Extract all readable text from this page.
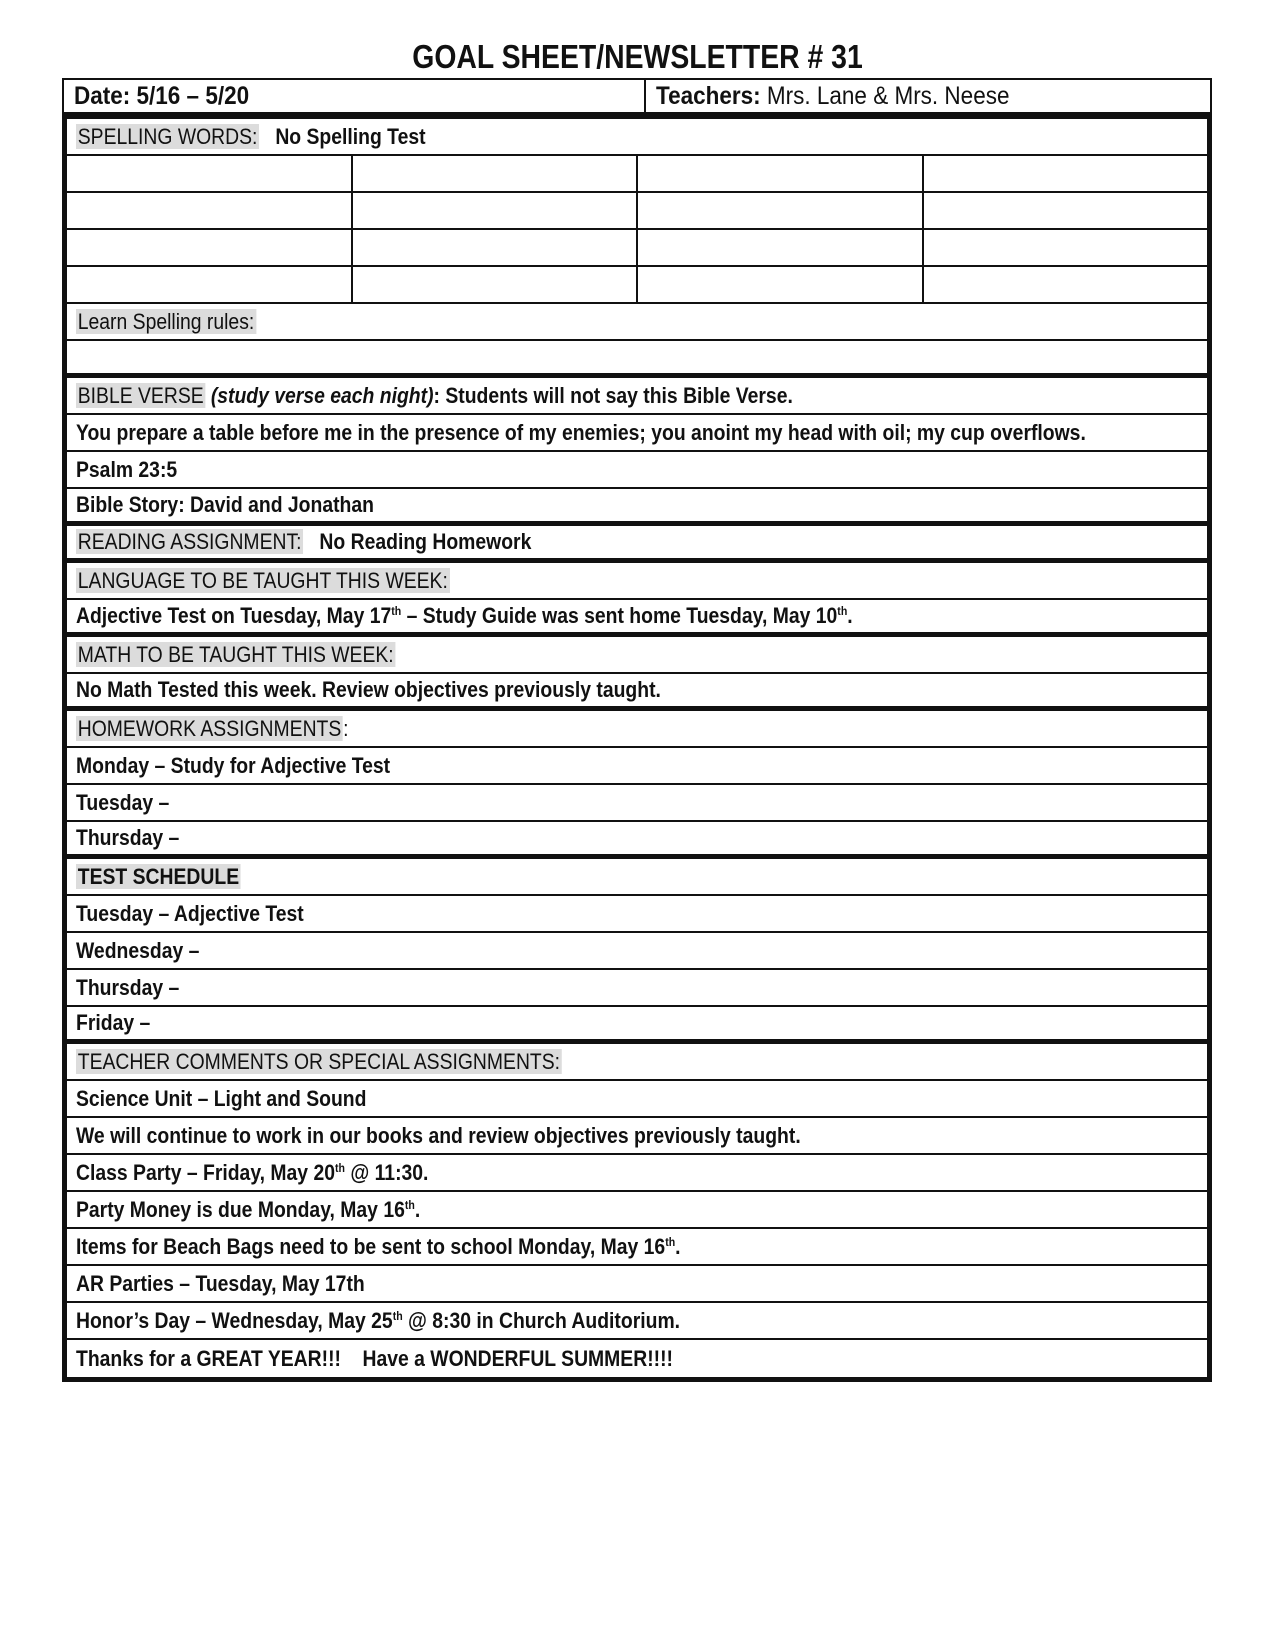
GOAL SHEET/NEWSLETTER # 31
Date: 5/16 – 5/20	Teachers: Mrs. Lane & Mrs. Neese
SPELLING WORDS: No Spelling Test
Learn Spelling rules:
BIBLE VERSE (study verse each night): Students will not say this Bible Verse.
You prepare a table before me in the presence of my enemies; you anoint my head with oil; my cup overflows.
Psalm 23:5
Bible Story: David and Jonathan
READING ASSIGNMENT: No Reading Homework
LANGUAGE TO BE TAUGHT THIS WEEK:
Adjective Test on Tuesday, May 17th – Study Guide was sent home Tuesday, May 10th.
MATH TO BE TAUGHT THIS WEEK:
No Math Tested this week. Review objectives previously taught.
HOMEWORK ASSIGNMENTS:
Monday – Study for Adjective Test
Tuesday –
Thursday –
TEST SCHEDULE
Tuesday – Adjective Test
Wednesday –
Thursday –
Friday –
TEACHER COMMENTS OR SPECIAL ASSIGNMENTS:
Science Unit – Light and Sound
We will continue to work in our books and review objectives previously taught.
Class Party – Friday, May 20th @ 11:30.
Party Money is due Monday, May 16th.
Items for Beach Bags need to be sent to school Monday, May 16th.
AR Parties – Tuesday, May 17th
Honor’s Day – Wednesday, May 25th @ 8:30 in Church Auditorium.
Thanks for a GREAT YEAR!!! Have a WONDERFUL SUMMER!!!!
